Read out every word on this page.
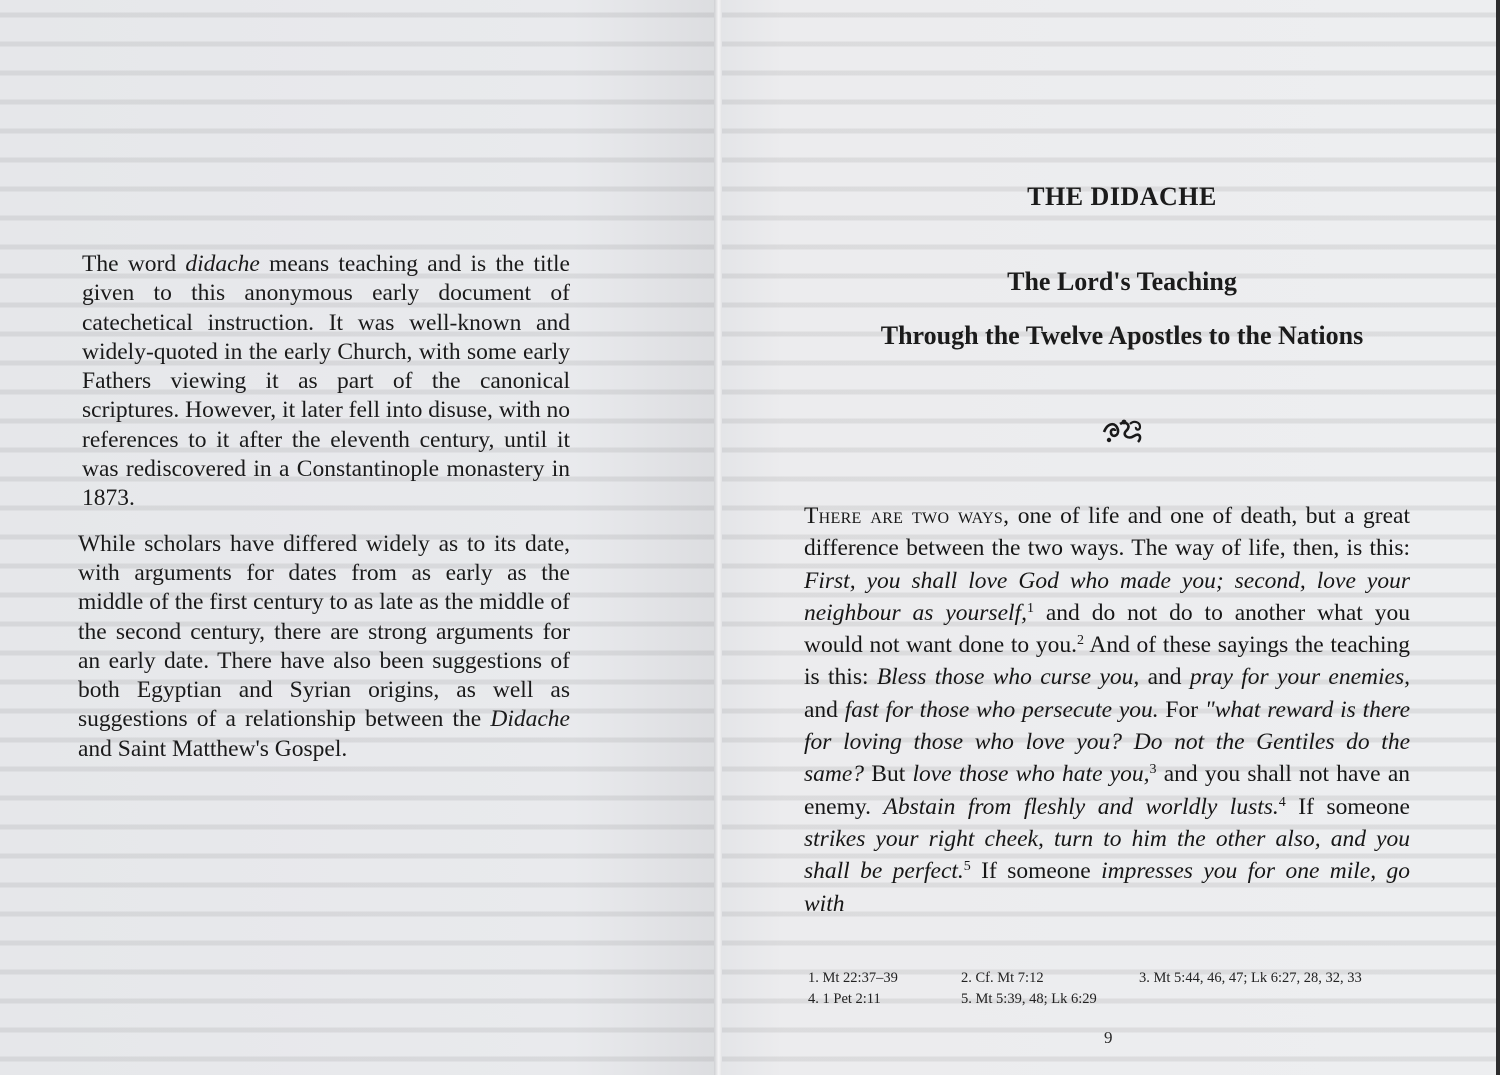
The word didache means teaching and is the title given to this anonymous early document of catechetical instruction. It was well-known and widely-quoted in the early Church, with some early Fathers viewing it as part of the canonical scriptures. However, it later fell into disuse, with no references to it after the eleventh century, until it was rediscovered in a Constantinople monastery in 1873.

While scholars have differed widely as to its date, with arguments for dates from as early as the middle of the first century to as late as the middle of the second century, there are strong arguments for an early date. There have also been suggestions of both Egyptian and Syrian origins, as well as suggestions of a relationship between the Didache and Saint Matthew's Gospel.

THE DIDACHE
The Lord's Teaching
Through the Twelve Apostles to the Nations
There are two ways, one of life and one of death, but a great difference between the two ways. The way of life, then, is this: First, you shall love God who made you; second, love your neighbour as yourself,$^1$ and do not do to another what you would not want done to you.$^2$ And of these sayings the teaching is this: Bless those who curse you, and pray for your enemies, and fast for those who persecute you. For "what reward is there for loving those who love you? Do not the Gentiles do the same? But love those who hate you,$^3$ and you shall not have an enemy. Abstain from fleshly and worldly lusts.$^4$ If someone strikes your right cheek, turn to him the other also, and you shall be perfect.$^5$ If someone impresses you for one mile, go with
1. Mt 22:37–39	2. Cf. Mt 7:12	3. Mt 5:44, 46, 47; Lk 6:27, 28, 32, 33
4. 1 Pet 2:11	5. Mt 5:39, 48; Lk 6:29
9
